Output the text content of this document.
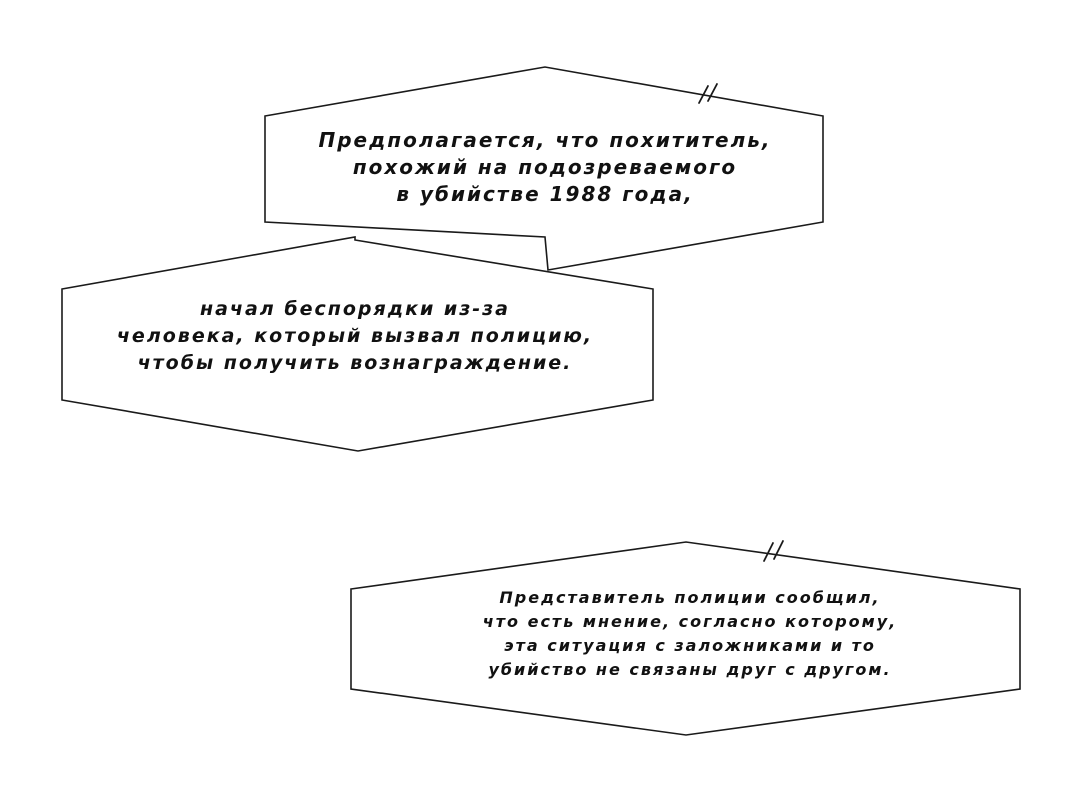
Предполагается, что похититель,
похожий на подозреваемого
в убийстве 1988 года,
начал беспорядки из-за
человека, который вызвал полицию,
чтобы получить вознаграждение.
Представитель полиции сообщил,
что есть мнение, согласно которому,
эта ситуация с заложниками и то
убийство не связаны друг с другом.
